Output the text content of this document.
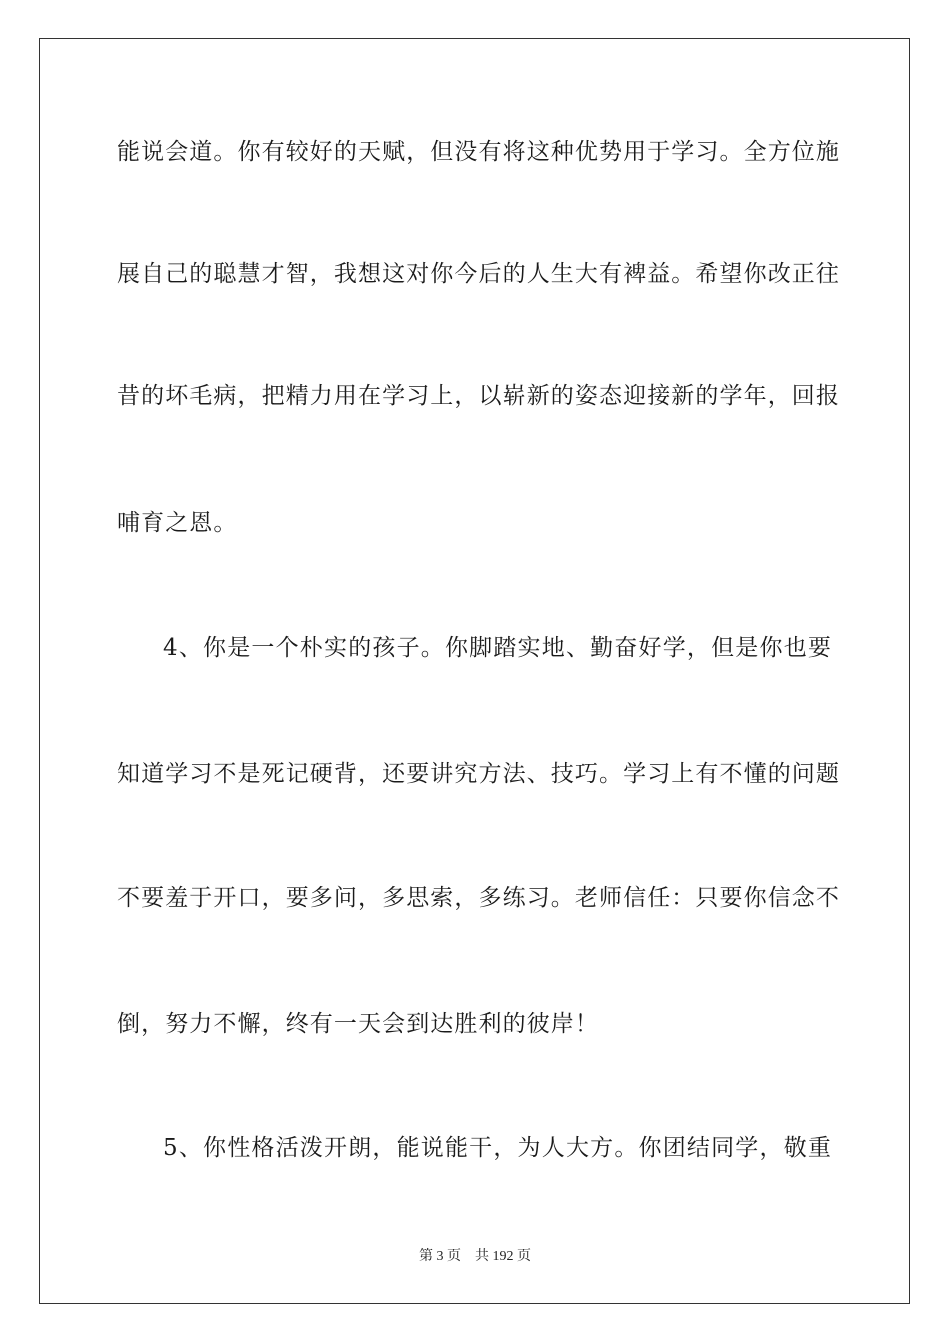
能说会道。你有较好的天赋，但没有将这种优势用于学习。全方位施
展自己的聪慧才智，我想这对你今后的人生大有裨益。希望你改正往
昔的坏毛病，把精力用在学习上，以崭新的姿态迎接新的学年，回报
哺育之恩。
4、你是一个朴实的孩子。你脚踏实地、勤奋好学，但是你也要
知道学习不是死记硬背，还要讲究方法、技巧。学习上有不懂的问题
不要羞于开口，要多问，多思索，多练习。老师信任：只要你信念不
倒，努力不懈，终有一天会到达胜利的彼岸！
5、你性格活泼开朗，能说能干，为人大方。你团结同学，敬重
第 3 页 共 192 页
